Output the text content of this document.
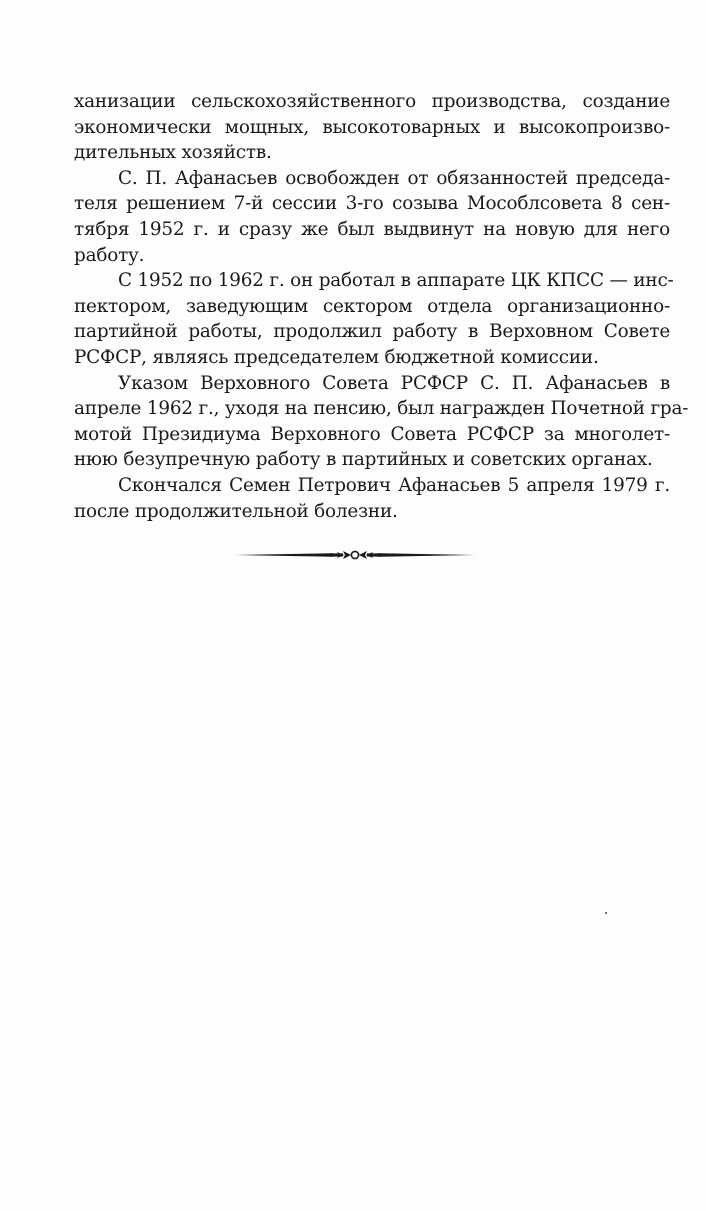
ханизации сельскохозяйственного производства, создание
экономически мощных, высокотоварных и высокопроизво-
дительных хозяйств.

С. П. Афанасьев освобожден от обязанностей председа-
теля решением 7-й сессии 3-го созыва Мособлсовета 8 сен-
тября 1952 г. и сразу же был выдвинут на новую для него
работу.

С 1952 по 1962 г. он работал в аппарате ЦК КПСС — инс-
пектором, заведующим сектором отдела организационно-
партийной работы, продолжил работу в Верховном Совете
РСФСР, являясь председателем бюджетной комиссии.

Указом Верховного Совета РСФСР С. П. Афанасьев в
апреле 1962 г., уходя на пенсию, был награжден Почетной гра-
мотой Президиума Верховного Совета РСФСР за многолет-
нюю безупречную работу в партийных и советских органах.

Скончался Семен Петрович Афанасьев 5 апреля 1979 г.
после продолжительной болезни.
